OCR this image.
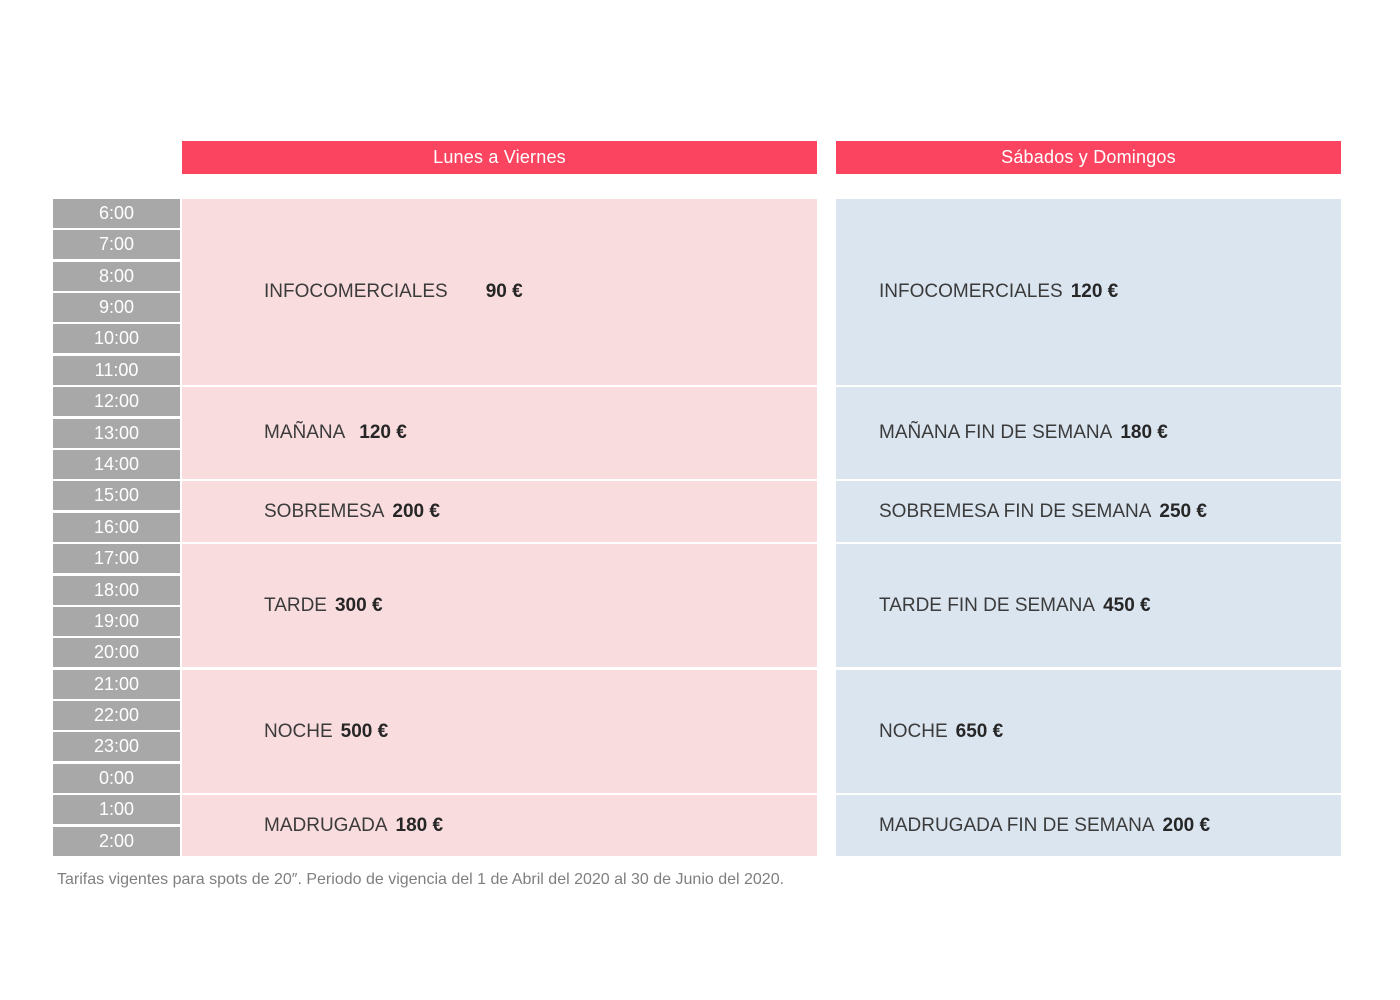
Lunes a Viernes	Sábados y Domingos
6:00
7:00
8:00
9:00
10:00
11:00
12:00
13:00
14:00
15:00
16:00
17:00
18:00
19:00
20:00
21:00
22:00
23:00
0:00
1:00
2:00
INFOCOMERCIALES 90 €
MAÑANA 120 €
SOBREMESA 200 €
TARDE 300 €
NOCHE 500 €
MADRUGADA 180 €
INFOCOMERCIALES 120 €
MAÑANA FIN DE SEMANA 180 €
SOBREMESA FIN DE SEMANA 250 €
TARDE FIN DE SEMANA 450 €
NOCHE 650 €
MADRUGADA FIN DE SEMANA 200 €
Tarifas vigentes para spots de 20″. Periodo de vigencia del 1 de Abril del 2020 al 30 de Junio del 2020.
